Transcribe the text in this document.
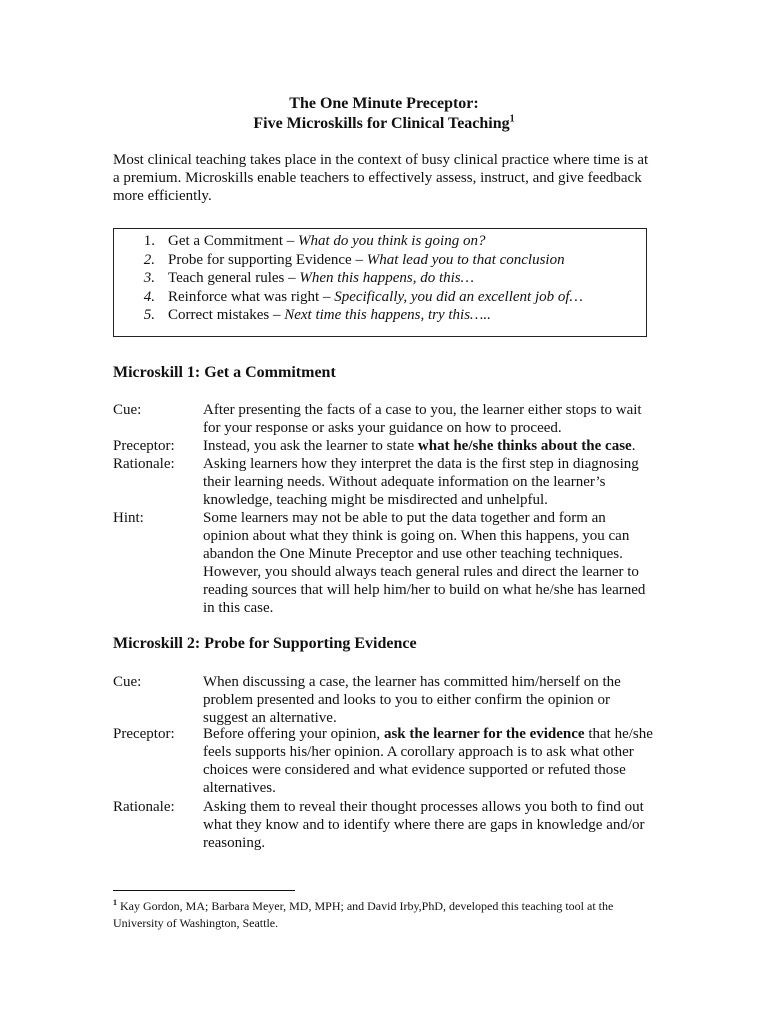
The One Minute Preceptor:
Five Microskills for Clinical Teaching$^1$
Most clinical teaching takes place in the context of busy clinical practice where time is at a premium. Microskills enable teachers to effectively assess, instruct, and give feedback more efficiently.
1. Get a Commitment – What do you think is going on?
2. Probe for supporting Evidence – What lead you to that conclusion
3. Teach general rules – When this happens, do this…
4. Reinforce what was right – Specifically, you did an excellent job of…
5. Correct mistakes – Next time this happens, try this…..
Microskill 1: Get a Commitment
Cue:	After presenting the facts of a case to you, the learner either stops to wait for your response or asks your guidance on how to proceed.
Preceptor:	Instead, you ask the learner to state what he/she thinks about the case.
Rationale:	Asking learners how they interpret the data is the first step in diagnosing their learning needs. Without adequate information on the learner’s knowledge, teaching might be misdirected and unhelpful.
Hint:	Some learners may not be able to put the data together and form an opinion about what they think is going on. When this happens, you can abandon the One Minute Preceptor and use other teaching techniques. However, you should always teach general rules and direct the learner to reading sources that will help him/her to build on what he/she has learned in this case.
Microskill 2: Probe for Supporting Evidence
Cue:	When discussing a case, the learner has committed him/herself on the problem presented and looks to you to either confirm the opinion or suggest an alternative.
Preceptor:	Before offering your opinion, ask the learner for the evidence that he/she feels supports his/her opinion. A corollary approach is to ask what other choices were considered and what evidence supported or refuted those alternatives.
Rationale:	Asking them to reveal their thought processes allows you both to find out what they know and to identify where there are gaps in knowledge and/or reasoning.
$^1$ Kay Gordon, MA; Barbara Meyer, MD, MPH; and David Irby,PhD, developed this teaching tool at the University of Washington, Seattle.
